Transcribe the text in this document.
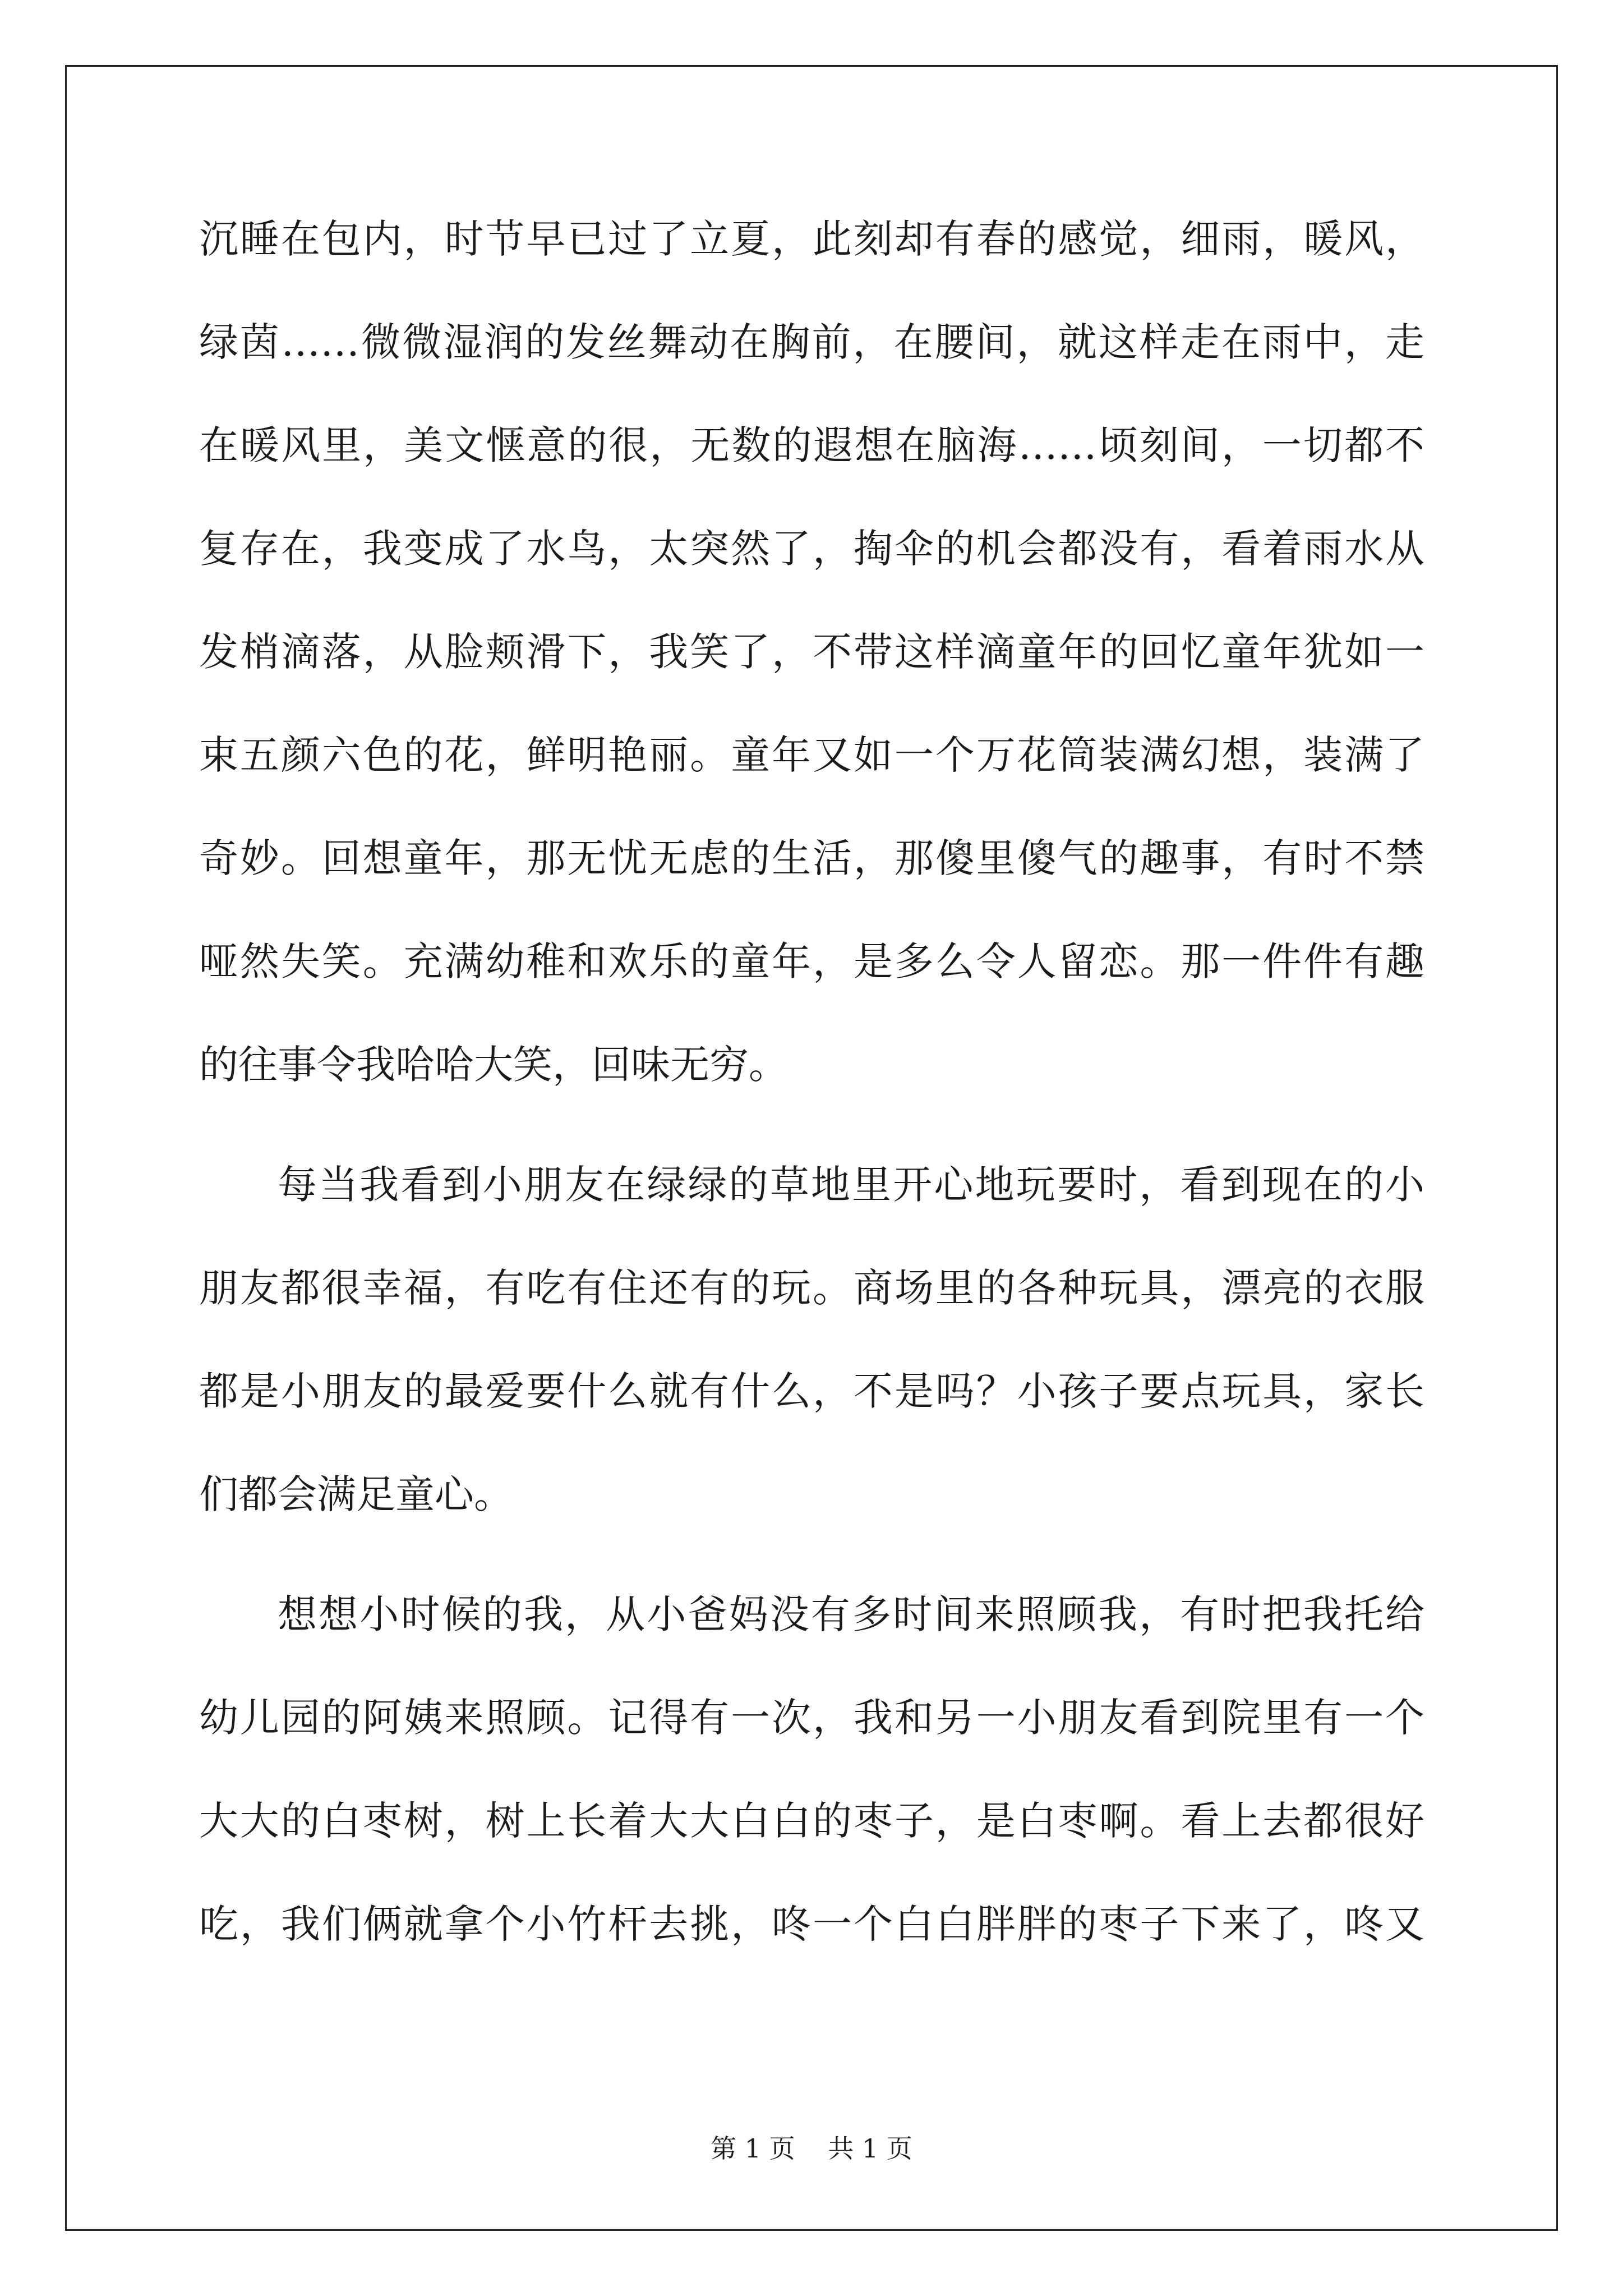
沉睡在包内，时节早已过了立夏，此刻却有春的感觉，细雨，暖风，
绿茵……微微湿润的发丝舞动在胸前，在腰间，就这样走在雨中，走
在暖风里，美文惬意的很，无数的遐想在脑海……顷刻间，一切都不
复存在，我变成了水鸟，太突然了，掏伞的机会都没有，看着雨水从
发梢滴落，从脸颊滑下，我笑了，不带这样滴童年的回忆童年犹如一
束五颜六色的花，鲜明艳丽。童年又如一个万花筒装满幻想，装满了
奇妙。回想童年，那无忧无虑的生活，那傻里傻气的趣事，有时不禁
哑然失笑。充满幼稚和欢乐的童年，是多么令人留恋。那一件件有趣
的往事令我哈哈大笑，回味无穷。
每当我看到小朋友在绿绿的草地里开心地玩要时，看到现在的小
朋友都很幸福，有吃有住还有的玩。商场里的各种玩具，漂亮的衣服
都是小朋友的最爱要什么就有什么，不是吗？小孩子要点玩具，家长
们都会满足童心。
想想小时候的我，从小爸妈没有多时间来照顾我，有时把我托给
幼儿园的阿姨来照顾。记得有一次，我和另一小朋友看到院里有一个
大大的白枣树，树上长着大大白白的枣子，是白枣啊。看上去都很好
吃，我们俩就拿个小竹杆去挑，咚一个白白胖胖的枣子下来了，咚又
第 1 页 共 1 页
